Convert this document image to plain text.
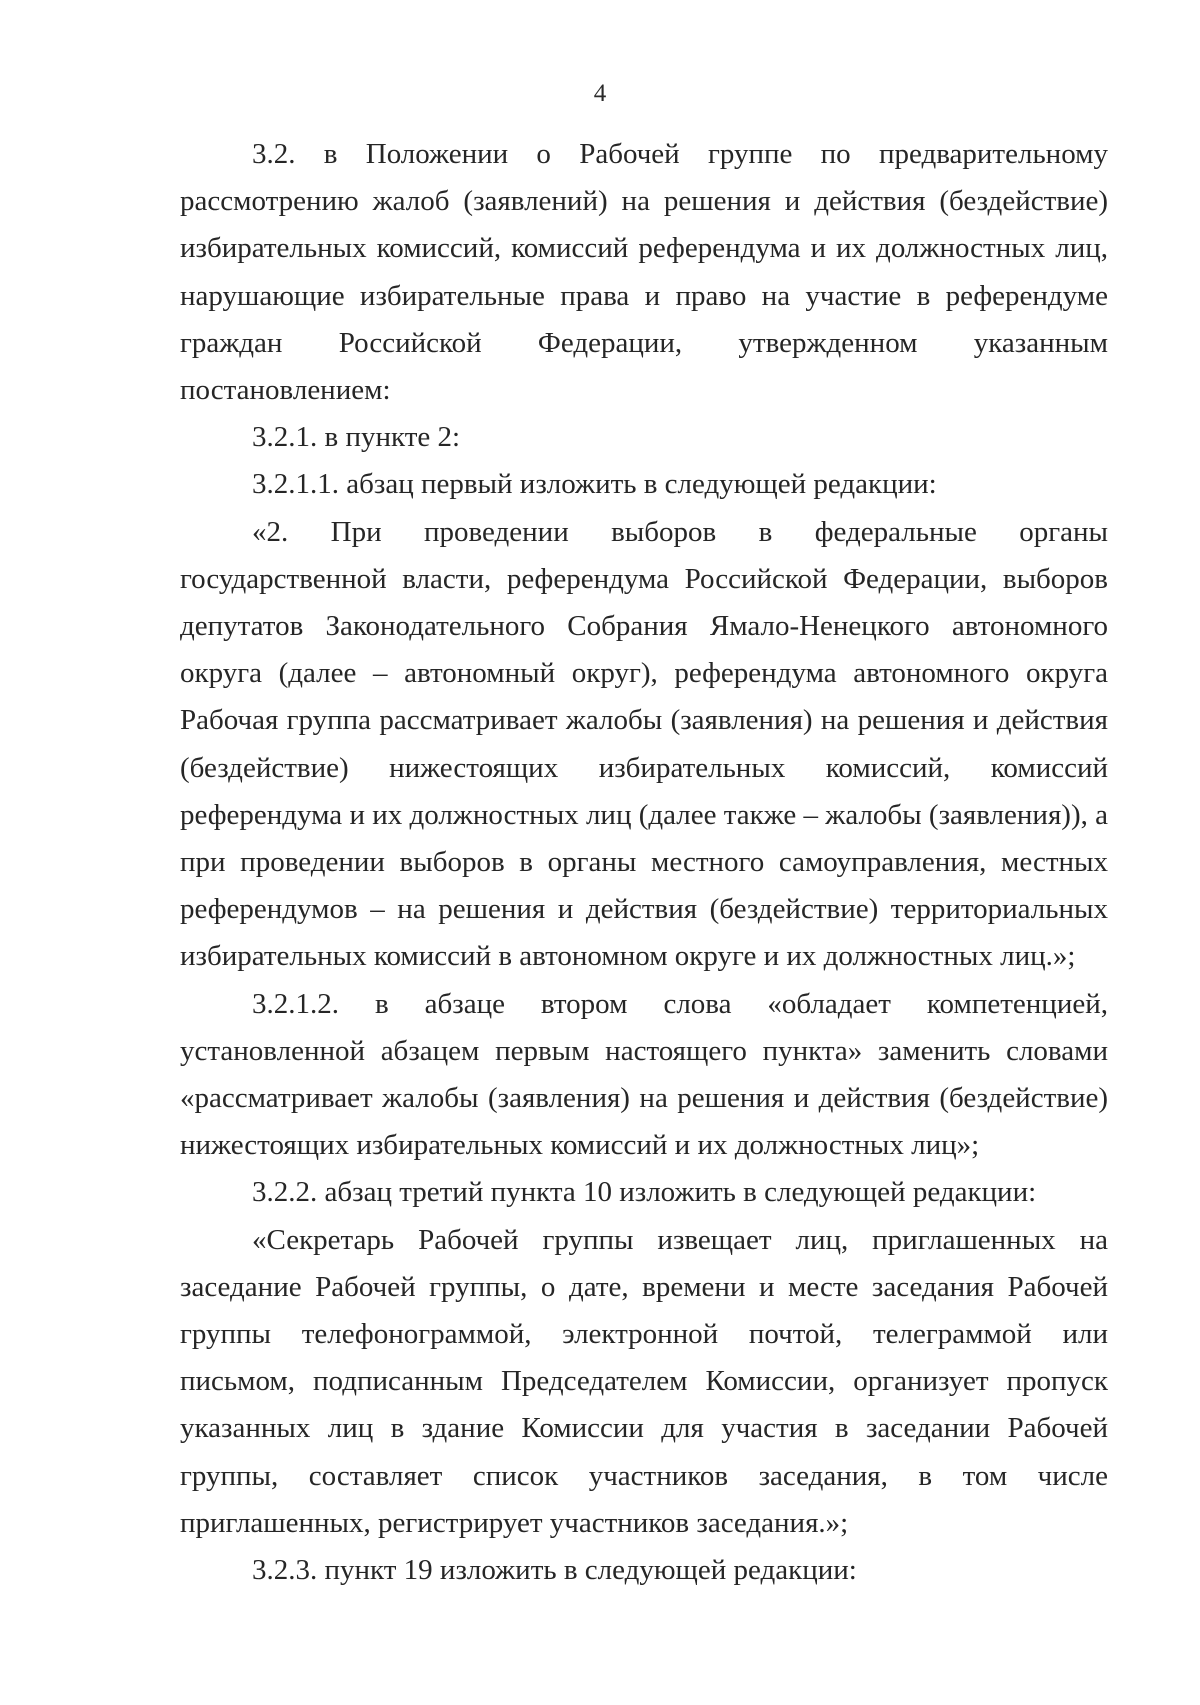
4

3.2. в Положении о Рабочей группе по предварительному рассмотрению жалоб (заявлений) на решения и действия (бездействие) избирательных комиссий, комиссий референдума и их должностных лиц, нарушающие избирательные права и право на участие в референдуме граждан Российской Федерации, утвержденном указанным постановлением:

3.2.1. в пункте 2:

3.2.1.1. абзац первый изложить в следующей редакции:

«2. При проведении выборов в федеральные органы государственной власти, референдума Российской Федерации, выборов депутатов Законодательного Собрания Ямало-Ненецкого автономного округа (далее – автономный округ), референдума автономного округа Рабочая группа рассматривает жалобы (заявления) на решения и действия (бездействие) нижестоящих избирательных комиссий, комиссий референдума и их должностных лиц (далее также – жалобы (заявления)), а при проведении выборов в органы местного самоуправления, местных референдумов – на решения и действия (бездействие) территориальных избирательных комиссий в автономном округе и их должностных лиц.»;

3.2.1.2. в абзаце втором слова «обладает компетенцией, установленной абзацем первым настоящего пункта» заменить словами «рассматривает жалобы (заявления) на решения и действия (бездействие) нижестоящих избирательных комиссий и их должностных лиц»;

3.2.2. абзац третий пункта 10 изложить в следующей редакции:

«Секретарь Рабочей группы извещает лиц, приглашенных на заседание Рабочей группы, о дате, времени и месте заседания Рабочей группы телефонограммой, электронной почтой, телеграммой или письмом, подписанным Председателем Комиссии, организует пропуск указанных лиц в здание Комиссии для участия в заседании Рабочей группы, составляет список участников заседания, в том числе приглашенных, регистрирует участников заседания.»;

3.2.3. пункт 19 изложить в следующей редакции:
